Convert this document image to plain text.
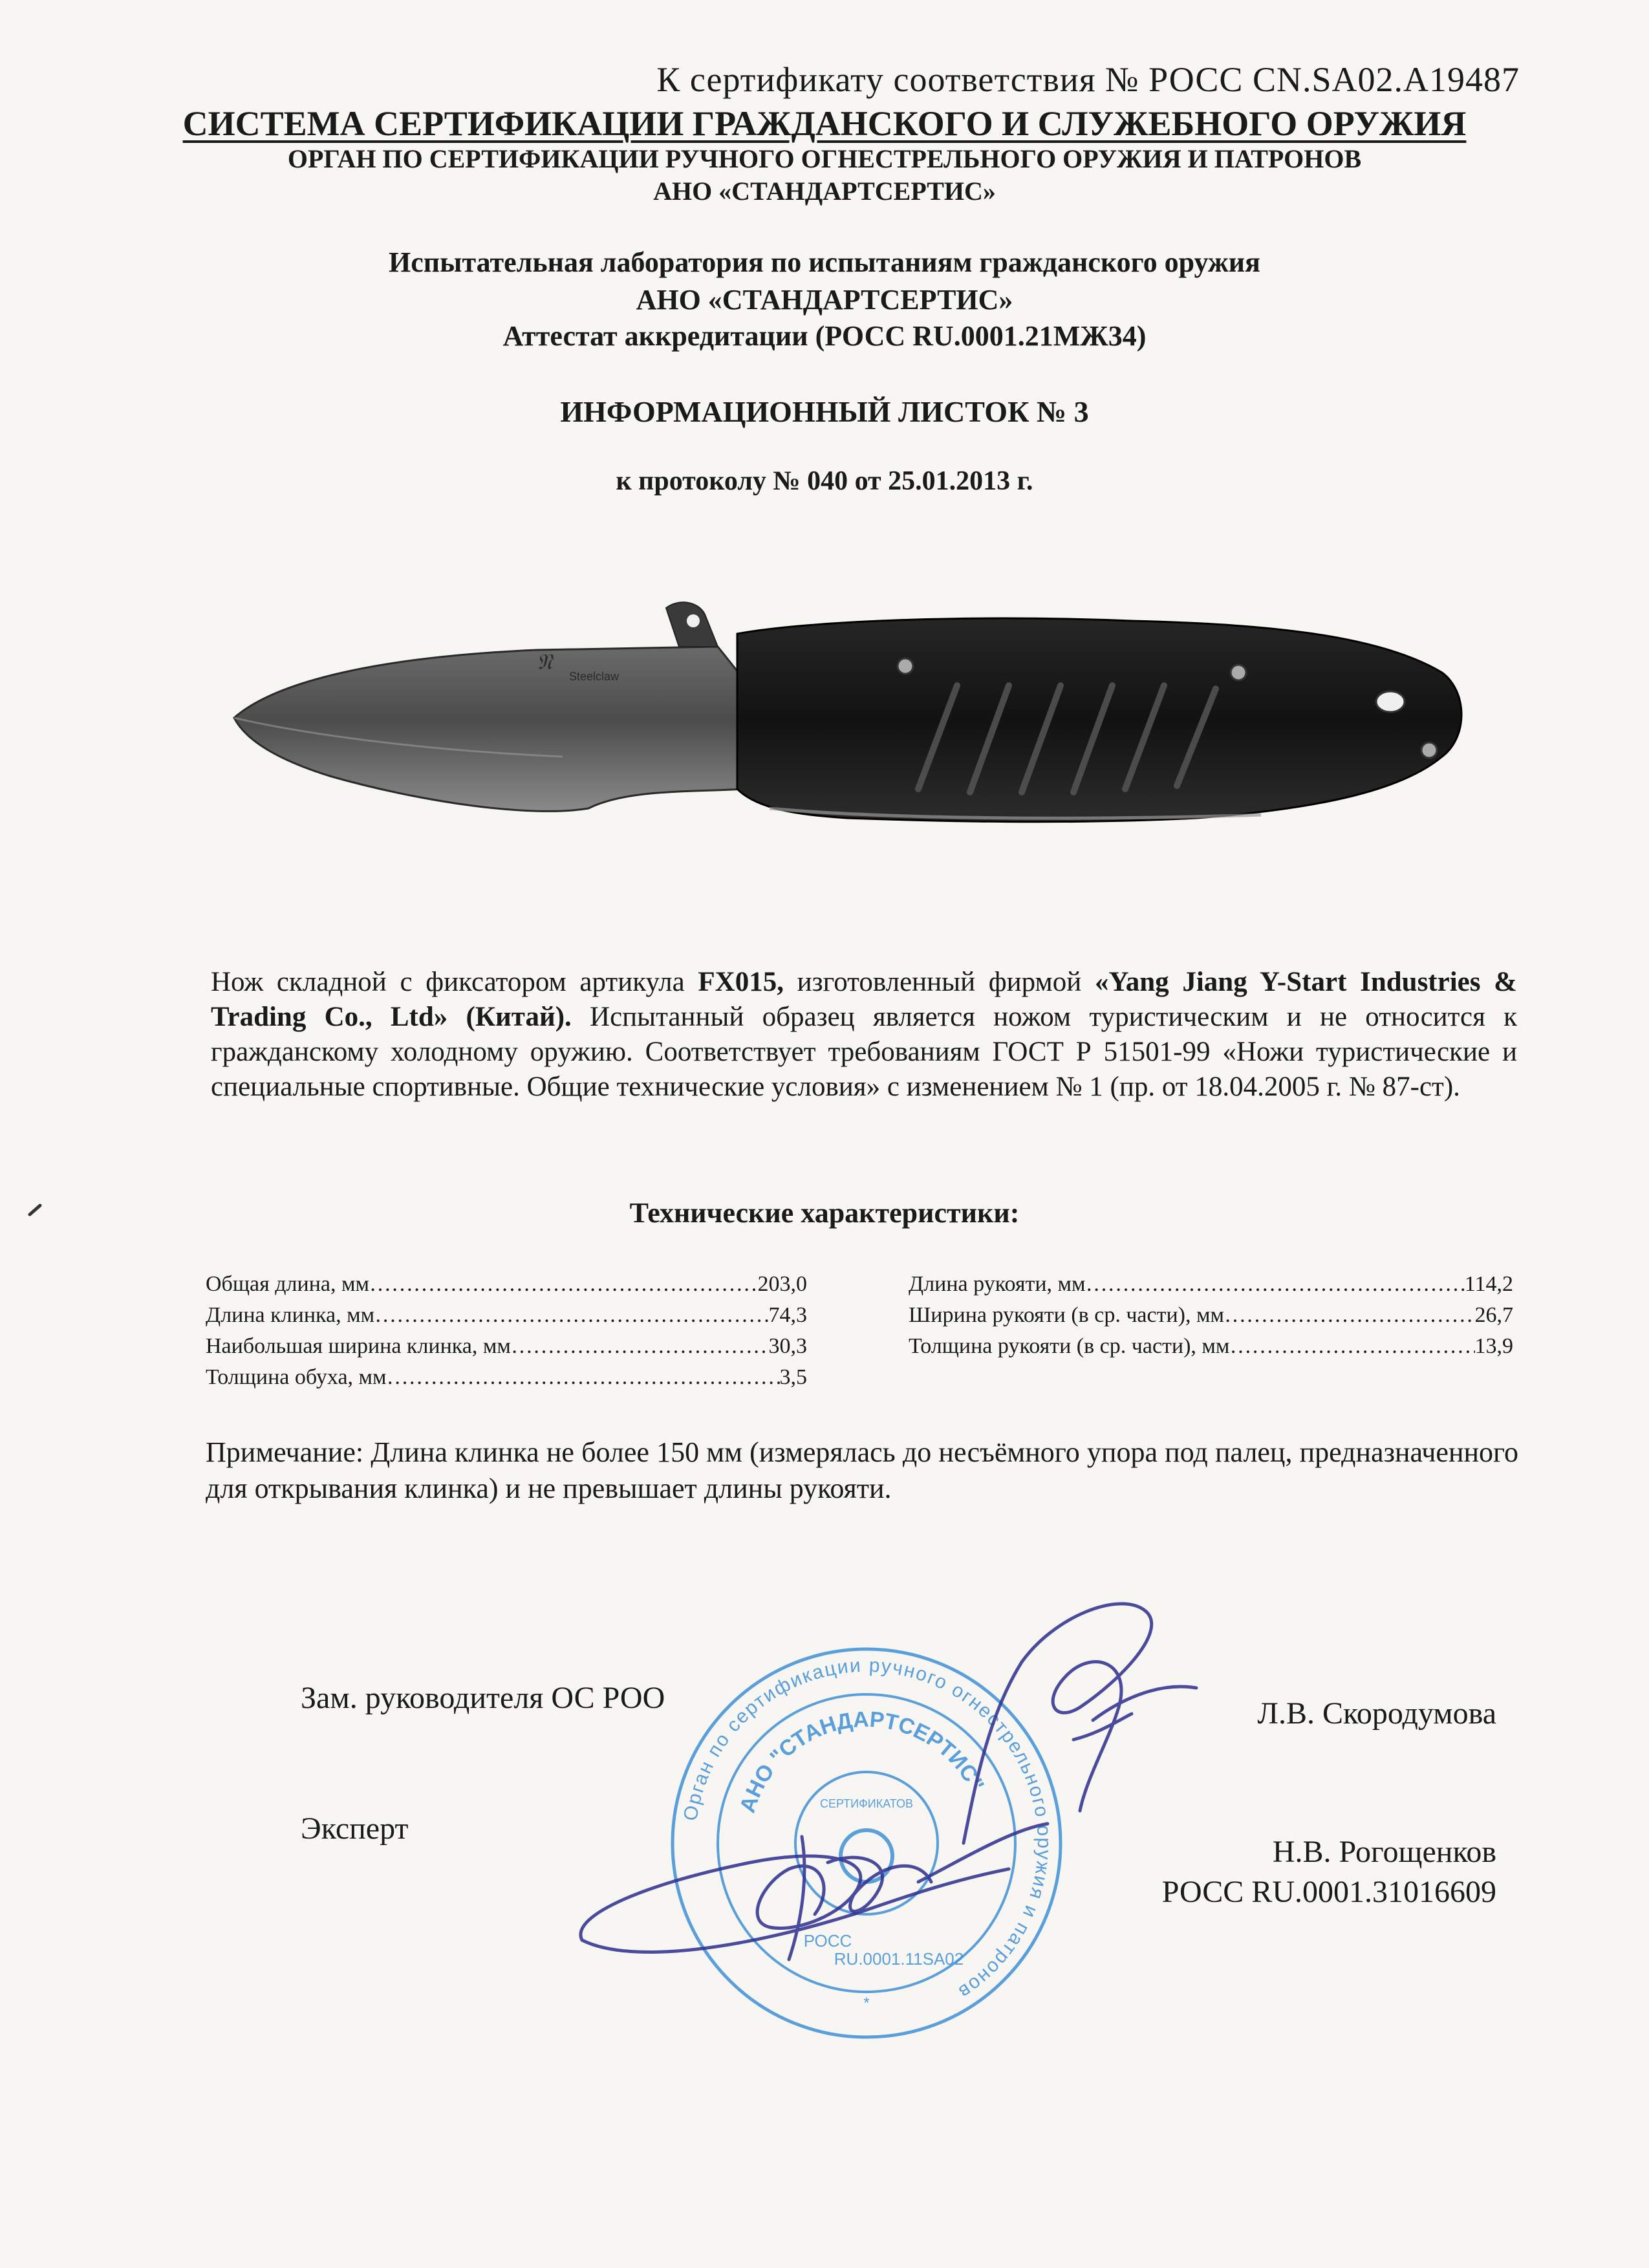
К сертификату соответствия № РОСС CN.SA02.A19487
СИСТЕМА СЕРТИФИКАЦИИ ГРАЖДАНСКОГО И СЛУЖЕБНОГО ОРУЖИЯ
ОРГАН ПО СЕРТИФИКАЦИИ РУЧНОГО ОГНЕСТРЕЛЬНОГО ОРУЖИЯ И ПАТРОНОВ
АНО «СТАНДАРТСЕРТИС»
Испытательная лаборатория по испытаниям гражданского оружия
АНО «СТАНДАРТСЕРТИС»
Аттестат аккредитации (РОСС RU.0001.21МЖ34)
ИНФОРМАЦИОННЫЙ ЛИСТОК № 3
к протоколу № 040 от 25.01.2013 г.
𝔑
Steelclaw
Нож складной с фиксатором артикула FX015, изготовленный фирмой «Yang Jiang Y-Start Industries & Trading Co., Ltd» (Китай). Испытанный образец является ножом туристическим и не относится к гражданскому холодному оружию. Соответствует требованиям ГОСТ Р 51501-99 «Ножи туристические и специальные спортивные. Общие технические условия» с изменением № 1 (пр. от 18.04.2005 г. № 87-ст).
Технические характеристики:
Общая длина, мм ……………………………………………………………………………………………………	203,0
Длина клинка, мм ……………………………………………………………………………………………………	74,3
Наибольшая ширина клинка, мм ……………………………………………………………………………………………………	30,3
Толщина обуха, мм ……………………………………………………………………………………………………	3,5
Длина рукояти, мм ……………………………………………………………………………………………………	114,2
Ширина рукояти (в ср. части), мм ……………………………………………………………………………………………………	26,7
Толщина рукояти (в ср. части), мм ……………………………………………………………………………………………………	13,9
Примечание: Длина клинка не более 150 мм (измерялась до несъёмного упора под палец, предназначенного для открывания клинка) и не превышает длины рукояти.
Зам. руководителя ОС РОО	Л.В. Скородумова
Эксперт
Н.В. Рогощенков
РОСС RU.0001.31016609
Орган по сертификации ручного огнестрельного оружия и патронов
АНО "СТАНДАРТСЕРТИС"
СЕРТИФИКАТОВ
РОСС
RU.0001.11SA02
*
